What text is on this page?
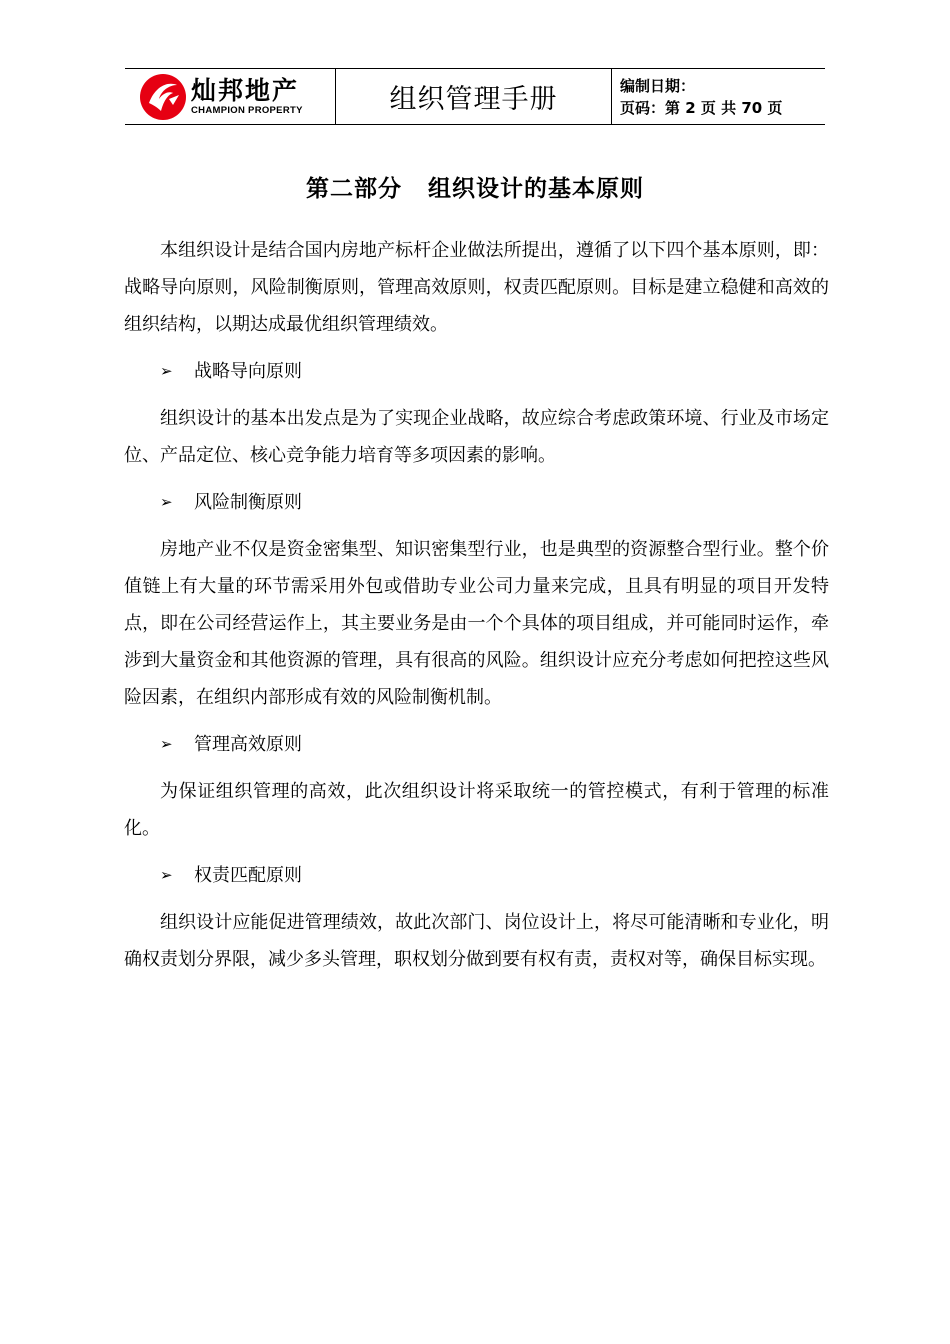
灿邦地产
CHAMPION PROPERTY	组织管理手册	编制日期：
页码：第 2 页 共 70 页
第二部分 组织设计的基本原则

本组织设计是结合国内房地产标杆企业做法所提出，遵循了以下四个基本原则，即：战略导向原则，风险制衡原则，管理高效原则，权责匹配原则。目标是建立稳健和高效的组织结构，以期达成最优组织管理绩效。

➢	战略导向原则

组织设计的基本出发点是为了实现企业战略，故应综合考虑政策环境、行业及市场定位、产品定位、核心竞争能力培育等多项因素的影响。

➢	风险制衡原则

房地产业不仅是资金密集型、知识密集型行业，也是典型的资源整合型行业。整个价值链上有大量的环节需采用外包或借助专业公司力量来完成，且具有明显的项目开发特点，即在公司经营运作上，其主要业务是由一个个具体的项目组成，并可能同时运作，牵涉到大量资金和其他资源的管理，具有很高的风险。组织设计应充分考虑如何把控这些风险因素，在组织内部形成有效的风险制衡机制。

➢	管理高效原则

为保证组织管理的高效，此次组织设计将采取统一的管控模式，有利于管理的标准化。

➢	权责匹配原则

组织设计应能促进管理绩效，故此次部门、岗位设计上，将尽可能清晰和专业化，明确权责划分界限，减少多头管理，职权划分做到要有权有责，责权对等，确保目标实现。
